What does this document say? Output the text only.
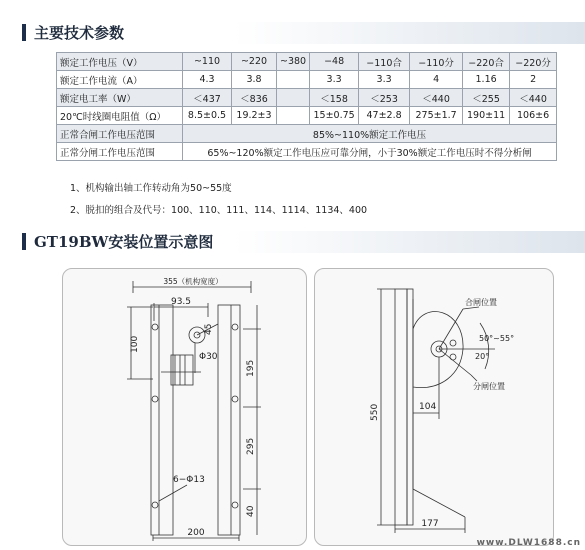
主要技术参数
额定工作电压（V）	~110	~220	~380	−48	−110合	−110分	−220合	−220分
额定工作电流（A）	4.3	3.8		3.3	3.3	4	1.16	2
额定电工率（W）	＜437	＜836		＜158	＜253	＜440	＜255	＜440
20℃时线圈电阻值（Ω）	8.5±0.5	19.2±3		15±0.75	47±2.8	275±1.7	190±11	106±6
正常合闸工作电压范围	85%~110%额定工作电压							
正常分闸工作电压范围	65%~120%额定工作电压应可靠分闸，小于30%额定工作电压时不得分析闸							
1、机构输出轴工作转动角为50~55度
2、脱扣的组合及代号：100、110、111、114、1114、1134、400
GT19BW安装位置示意图
355（机构宽度）
93.5
45
100
Φ30
195
295
6−Φ13
40
200
合闸位置
50°~55°
20°
分闸位置
104
550
177
www.DLW1688.cn
